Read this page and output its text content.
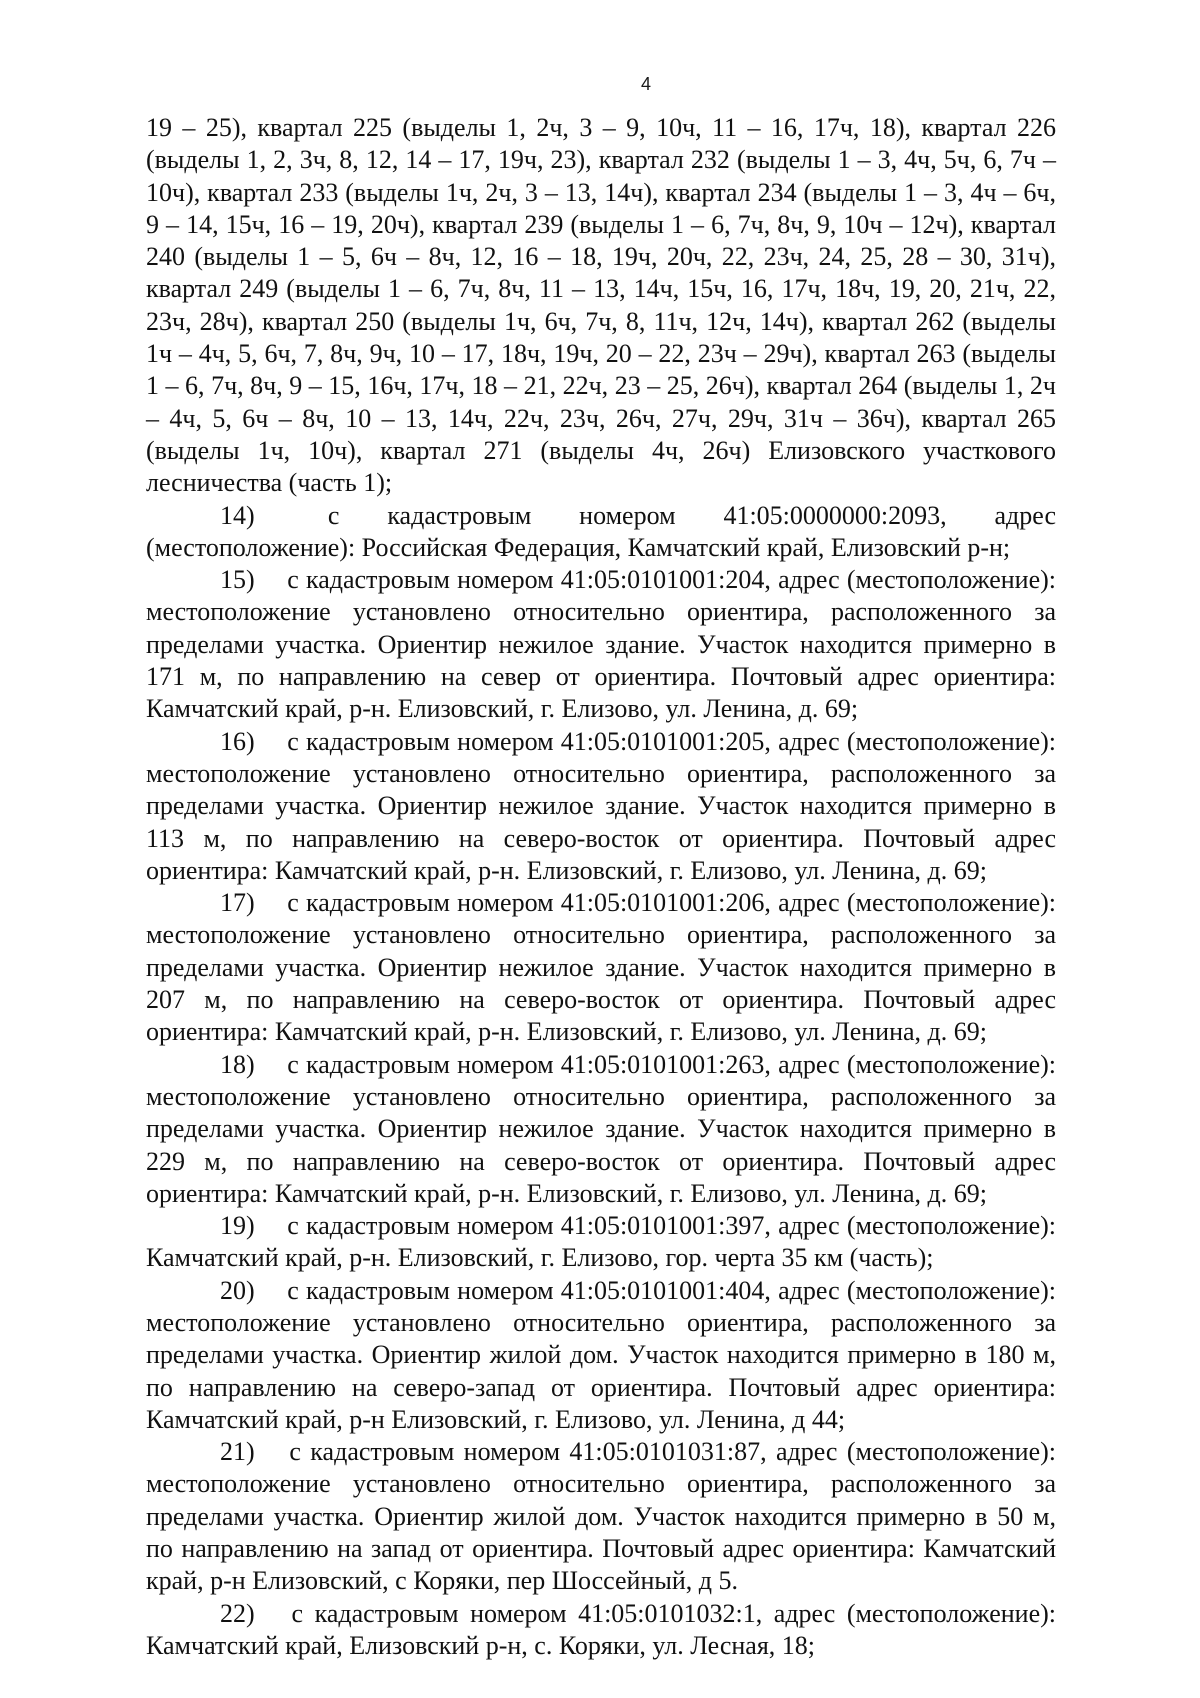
4

19 – 25), квартал 225 (выделы 1, 2ч, 3 – 9, 10ч, 11 – 16, 17ч, 18), квартал 226 (выделы 1, 2, 3ч, 8, 12, 14 – 17, 19ч, 23), квартал 232 (выделы 1 – 3, 4ч, 5ч, 6, 7ч – 10ч), квартал 233 (выделы 1ч, 2ч, 3 – 13, 14ч), квартал 234 (выделы 1 – 3, 4ч – 6ч, 9 – 14, 15ч, 16 – 19, 20ч), квартал 239 (выделы 1 – 6, 7ч, 8ч, 9, 10ч – 12ч), квартал 240 (выделы 1 – 5, 6ч – 8ч, 12, 16 – 18, 19ч, 20ч, 22, 23ч, 24, 25, 28 – 30, 31ч), квартал 249 (выделы 1 – 6, 7ч, 8ч, 11 – 13, 14ч, 15ч, 16, 17ч, 18ч, 19, 20, 21ч, 22, 23ч, 28ч), квартал 250 (выделы 1ч, 6ч, 7ч, 8, 11ч, 12ч, 14ч), квартал 262 (выделы 1ч – 4ч, 5, 6ч, 7, 8ч, 9ч, 10 – 17, 18ч, 19ч, 20 – 22, 23ч – 29ч), квартал 263 (выделы 1 – 6, 7ч, 8ч, 9 – 15, 16ч, 17ч, 18 – 21, 22ч, 23 – 25, 26ч), квартал 264 (выделы 1, 2ч – 4ч, 5, 6ч – 8ч, 10 – 13, 14ч, 22ч, 23ч, 26ч, 27ч, 29ч, 31ч – 36ч), квартал 265 (выделы 1ч, 10ч), квартал 271 (выделы 4ч, 26ч) Елизовского участкового лесничества (часть 1);

14)	с кадастровым номером 41:05:0000000:2093, адрес (местоположение): Российская Федерация, Камчатский край, Елизовский р-н;

15) с кадастровым номером 41:05:0101001:204, адрес (местоположение): местоположение установлено относительно ориентира, расположенного за пределами участка. Ориентир нежилое здание. Участок находится примерно в 171 м, по направлению на север от ориентира. Почтовый адрес ориентира: Камчатский край, р-н. Елизовский, г. Елизово, ул. Ленина, д. 69;

16) с кадастровым номером 41:05:0101001:205, адрес (местоположение): местоположение установлено относительно ориентира, расположенного за пределами участка. Ориентир нежилое здание. Участок находится примерно в 113 м, по направлению на северо-восток от ориентира. Почтовый адрес ориентира: Камчатский край, р-н. Елизовский, г. Елизово, ул. Ленина, д. 69;

17) с кадастровым номером 41:05:0101001:206, адрес (местоположение): местоположение установлено относительно ориентира, расположенного за пределами участка. Ориентир нежилое здание. Участок находится примерно в 207 м, по направлению на северо-восток от ориентира. Почтовый адрес ориентира: Камчатский край, р-н. Елизовский, г. Елизово, ул. Ленина, д. 69;

18) с кадастровым номером 41:05:0101001:263, адрес (местоположение): местоположение установлено относительно ориентира, расположенного за пределами участка. Ориентир нежилое здание. Участок находится примерно в 229 м, по направлению на северо-восток от ориентира. Почтовый адрес ориентира: Камчатский край, р-н. Елизовский, г. Елизово, ул. Ленина, д. 69;

19) с кадастровым номером 41:05:0101001:397, адрес (местоположение): Камчатский край, р-н. Елизовский, г. Елизово, гор. черта 35 км (часть);

20) с кадастровым номером 41:05:0101001:404, адрес (местоположение): местоположение установлено относительно ориентира, расположенного за пределами участка. Ориентир жилой дом. Участок находится примерно в 180 м, по направлению на северо-запад от ориентира. Почтовый адрес ориентира: Камчатский край, р-н Елизовский, г. Елизово, ул. Ленина, д 44;

21) с кадастровым номером 41:05:0101031:87, адрес (местоположение): местоположение установлено относительно ориентира, расположенного за пределами участка. Ориентир жилой дом. Участок находится примерно в 50 м, по направлению на запад от ориентира. Почтовый адрес ориентира: Камчатский край, р-н Елизовский, с Коряки, пер Шоссейный, д 5.

22) с кадастровым номером 41:05:0101032:1, адрес (местоположение): Камчатский край, Елизовский р-н, с. Коряки, ул. Лесная, 18;
